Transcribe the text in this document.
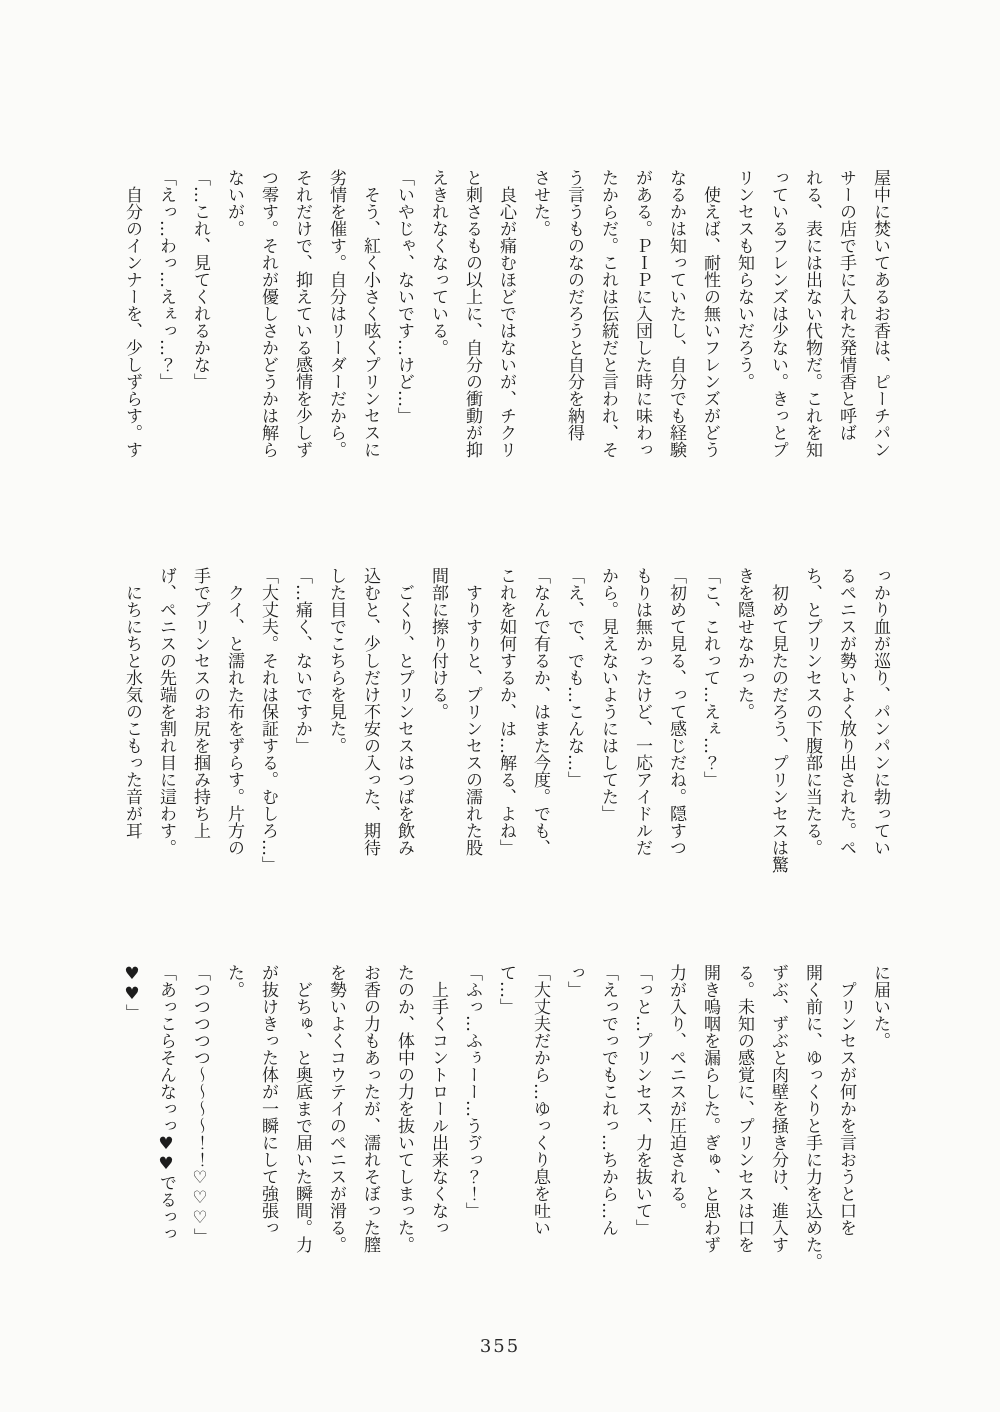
屋中に焚いてあるお香は、ピーチパン
サーの店で手に入れた発情香と呼ば
れる、表には出ない代物だ。これを知
っているフレンズは少ない。きっとプ
リンセスも知らないだろう。
　使えば、耐性の無いフレンズがどう
なるかは知っていたし、自分でも経験
がある。ＰＩＰに入団した時に味わっ
たからだ。これは伝統だと言われ、そ
う言うものなのだろうと自分を納得
させた。
　良心が痛むほどではないが、チクリ
と刺さるもの以上に、自分の衝動が抑
えきれなくなっている。
「いやじゃ、ないです…けど…」
　そう、紅く小さく呟くプリンセスに
劣情を催す。自分はリーダーだから。
それだけで、抑えている感情を少しず
つ零す。それが優しさかどうかは解ら
ないが。
「…これ、見てくれるかな」
「えっ…わっ…えぇっ…？」
　自分のインナーを、少しずらす。す
っかり血が巡り、パンパンに勃ってい
るペニスが勢いよく放り出された。ペ
ち、とプリンセスの下腹部に当たる。
　初めて見たのだろう、プリンセスは驚
きを隠せなかった。
「こ、これって…えぇ…？」
「初めて見る、って感じだね。隠すつ
もりは無かったけど、一応アイドルだ
から。見えないようにはしてた」
「え、で、でも…こんな…」
「なんで有るか、はまた今度。でも、
これを如何するか、は…解る、よね」
　すりすりと、プリンセスの濡れた股
間部に擦り付ける。
　ごくり、とプリンセスはつばを飲み
込むと、少しだけ不安の入った、期待
した目でこちらを見た。
「…痛く、ないですか」
「大丈夫。それは保証する。むしろ…」
　クイ、と濡れた布をずらす。片方の
手でプリンセスのお尻を掴み持ち上
げ、ペニスの先端を割れ目に這わす。
　にちにちと水気のこもった音が耳
に届いた。
　プリンセスが何かを言おうと口を
開く前に、ゆっくりと手に力を込めた。
ずぶ、ずぶと肉壁を掻き分け、進入す
る。未知の感覚に、プリンセスは口を
開き嗚咽を漏らした。ぎゅ、と思わず
力が入り、ペニスが圧迫される。
「っと…プリンセス、力を抜いて」
「えっでっでもこれっ…ちから…ん
っ」
「大丈夫だから…ゆっくり息を吐い
て…」
「ふっ…ふぅーー…うゔっ？！」
　上手くコントロール出来なくなっ
たのか、体中の力を抜いてしまった。
お香の力もあったが、濡れそぼった膣
を勢いよくコウテイのペニスが滑る。
　どちゅ、と奥底まで届いた瞬間。力
が抜けきった体が一瞬にして強張っ
た。
「つつつつつ～～～～！！♡♡♡」
「あっこらそんなっっ♥♥でるっっ
♥♥」
355
